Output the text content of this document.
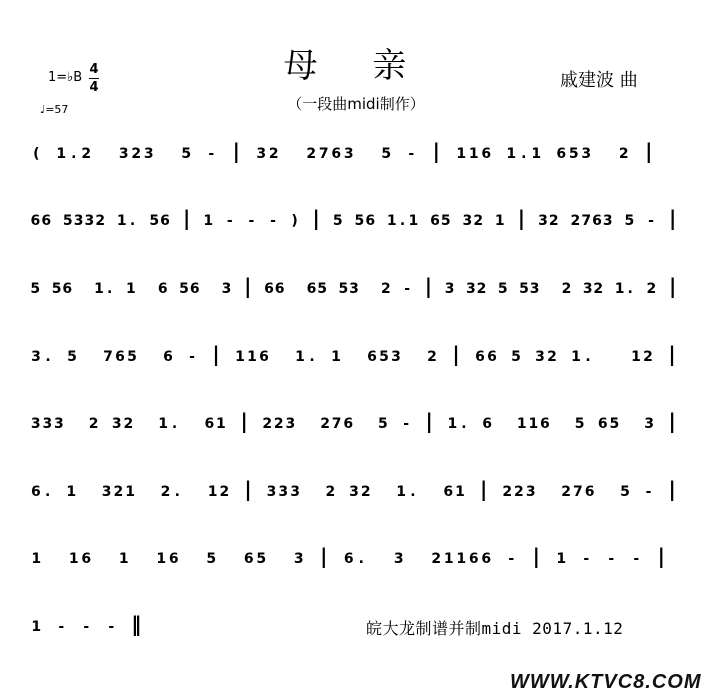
母 亲
（一段曲midi制作）
戚建波 曲
1=♭B
4
4
♩=57
( 1 . 2 3 2 3 5 - | 3 2 2 7 6 3 5 - | 1 1 6 1 . 1 6 5 3 2 |
6 6 5 3 3 2 1 . 5 6 | 1 - - - ) | 5 5 6 1 . 1 6 5 3 2 1 | 3 2 2 7 6 3 5 - |
5 5 6 1 . 1 6 5 6 3 | 6 6 6 5 5 3 2 - | 3 3 2 5 5 3 2 3 2 1 . 2 |
3 . 5 7 6 5 6 - | 1 1 6 1 . 1 6 5 3 2 | 6 6 5 3 2 1 .	1 2 |
3 3 3 2 3 2 1 . 6 1 | 2 2 3 2 7 6 5 - | 1 . 6 1 1 6 5 6 5 3 |
6 . 1 3 2 1 2 . 1 2 | 3 3 3 2 3 2 1 . 6 1 | 2 2 3 2 7 6 5 - |
1 1 6 1 1 6 5 6 5 3 | 6 . 3 2 1 1 6 6 - | 1 - - - |
1 - - - ‖	皖大龙制谱并制midi 2017.1.12
WWW.KTVC8.COM
